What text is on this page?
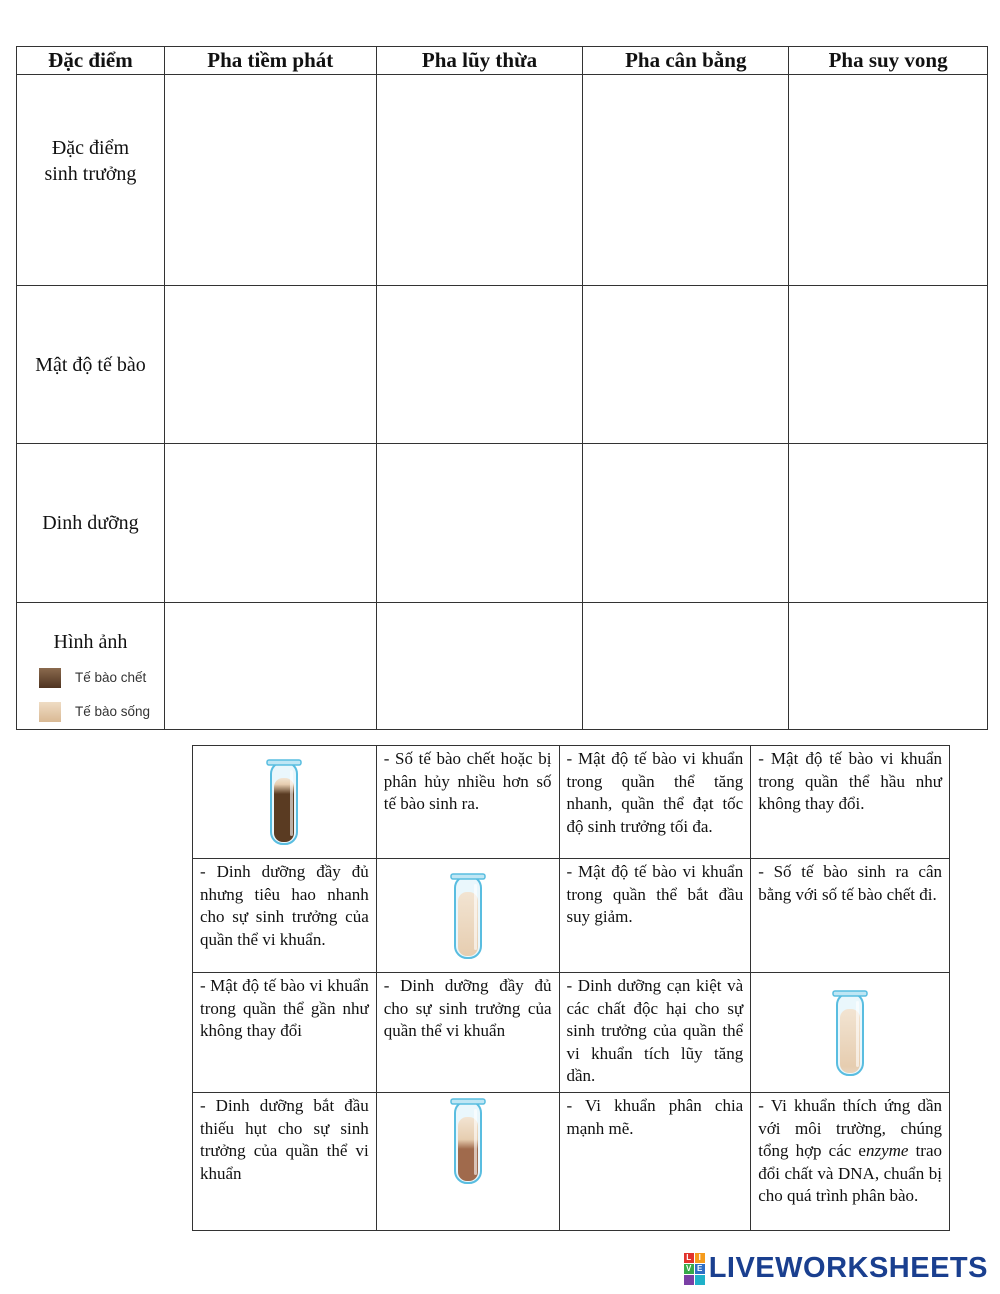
Đặc điểm	Pha tiềm phát	Pha lũy thừa	Pha cân bằng	Pha suy vong

Đặc điểm
sinh trưởng				

Mật độ tế bào				
Dinh dưỡng				

Hình ảnh
Tế bào chết
Tế bào sống				

	- Số tế bào chết hoặc bị phân hủy nhiều hơn số tế bào sinh ra.	- Mật độ tế bào vi khuẩn trong quần thể tăng nhanh, quần thể đạt tốc độ sinh trưởng tối đa.	- Mật độ tế bào vi khuẩn trong quần thể hầu như không thay đổi.
- Dinh dưỡng đầy đủ nhưng tiêu hao nhanh cho sự sinh trưởng của quần thể vi khuẩn.		- Mật độ tế bào vi khuẩn trong quần thể bắt đầu suy giảm.	- Số tế bào sinh ra cân bằng với số tế bào chết đi.
- Mật độ tế bào vi khuẩn trong quần thể gần như không thay đổi	- Dinh dưỡng đầy đủ cho sự sinh trưởng của quần thể vi khuẩn	- Dinh dưỡng cạn kiệt và các chất độc hại cho sự sinh trưởng của quần thể vi khuẩn tích lũy tăng dần.	

- Dinh dưỡng bắt đầu thiếu hụt cho sự sinh trưởng của quần thể vi khuẩn		- Vi khuẩn phân chia mạnh mẽ.	- Vi khuẩn thích ứng dần với môi trường, chúng tổng hợp các enzyme trao đổi chất và DNA, chuẩn bị cho quá trình phân bào.
L I
V E LIVEWORKSHEETS
